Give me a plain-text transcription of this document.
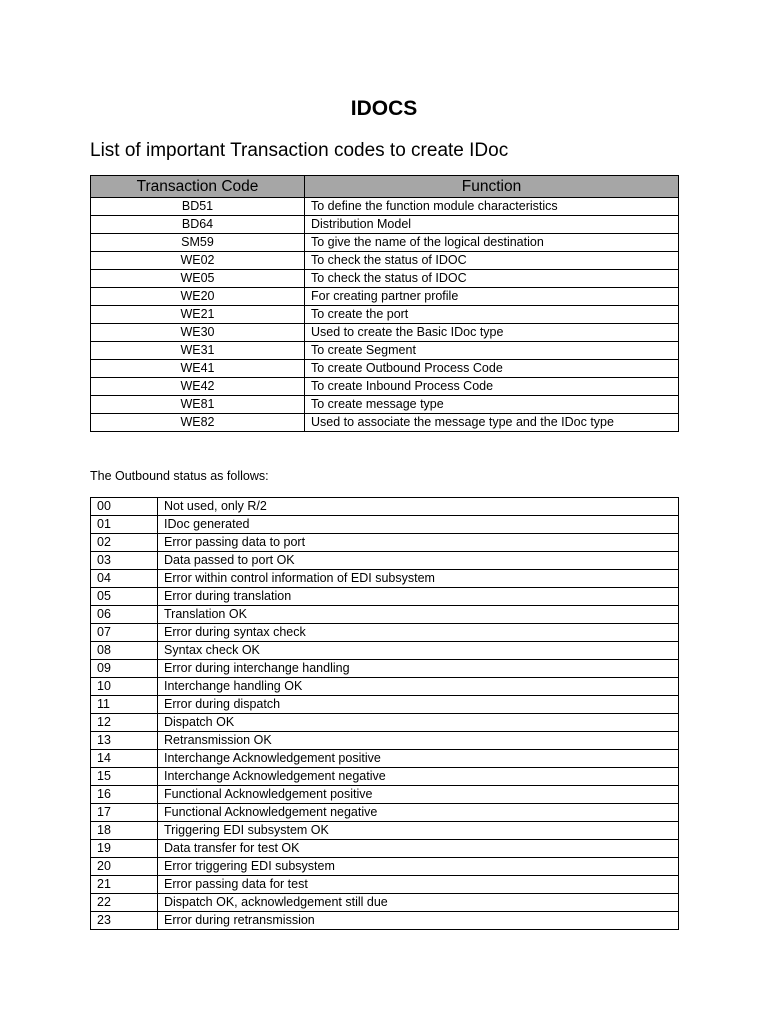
IDOCS
List of important Transaction codes to create IDoc
Transaction Code	Function
BD51	To define the function module characteristics
BD64	Distribution Model
SM59	To give the name of the logical destination
WE02	To check the status of IDOC
WE05	To check the status of IDOC
WE20	For creating partner profile
WE21	To create the port
WE30	Used to create the Basic IDoc type
WE31	To create Segment
WE41	To create Outbound Process Code
WE42	To create Inbound Process Code
WE81	To create message type
WE82	Used to associate the message type and the IDoc type
The Outbound status as follows:
00	Not used, only R/2
01	IDoc generated
02	Error passing data to port
03	Data passed to port OK
04	Error within control information of EDI subsystem
05	Error during translation
06	Translation OK
07	Error during syntax check
08	Syntax check OK
09	Error during interchange handling
10	Interchange handling OK
11	Error during dispatch
12	Dispatch OK
13	Retransmission OK
14	Interchange Acknowledgement positive
15	Interchange Acknowledgement negative
16	Functional Acknowledgement positive
17	Functional Acknowledgement negative
18	Triggering EDI subsystem OK
19	Data transfer for test OK
20	Error triggering EDI subsystem
21	Error passing data for test
22	Dispatch OK, acknowledgement still due
23	Error during retransmission
